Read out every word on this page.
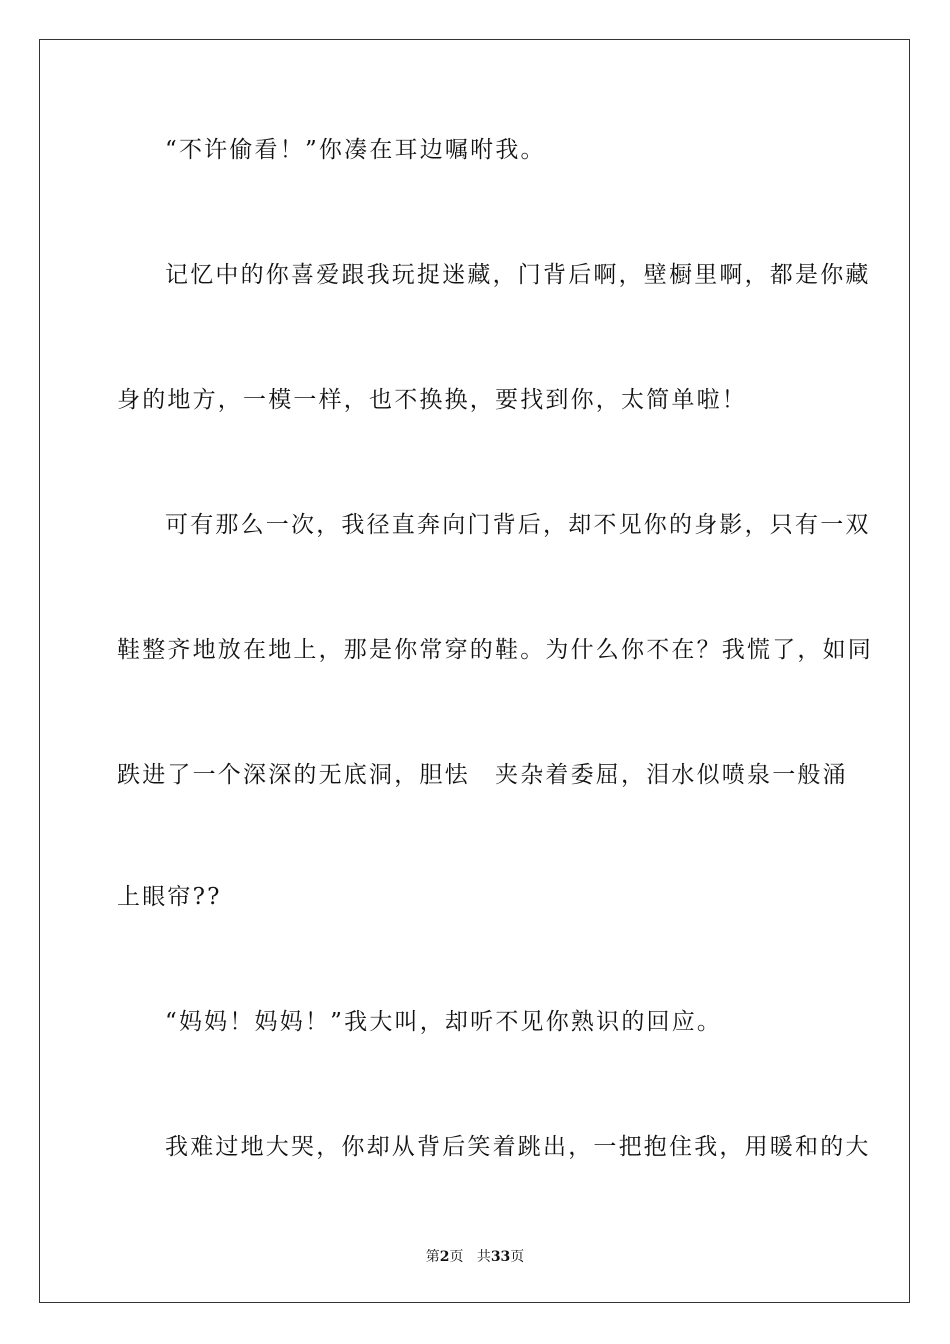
“不许偷看！”你凑在耳边嘱咐我。
记忆中的你喜爱跟我玩捉迷藏，门背后啊，壁橱里啊，都是你藏
身的地方，一模一样，也不换换，要找到你，太简单啦！
可有那么一次，我径直奔向门背后，却不见你的身影，只有一双
鞋整齐地放在地上，那是你常穿的鞋。为什么你不在？我慌了，如同
跌进了一个深深的无底洞，胆怯　夹杂着委屈，泪水似喷泉一般涌
上眼帘??
“妈妈！妈妈！”我大叫，却听不见你熟识的回应。
我难过地大哭，你却从背后笑着跳出，一把抱住我，用暖和的大
第2页 共33页
